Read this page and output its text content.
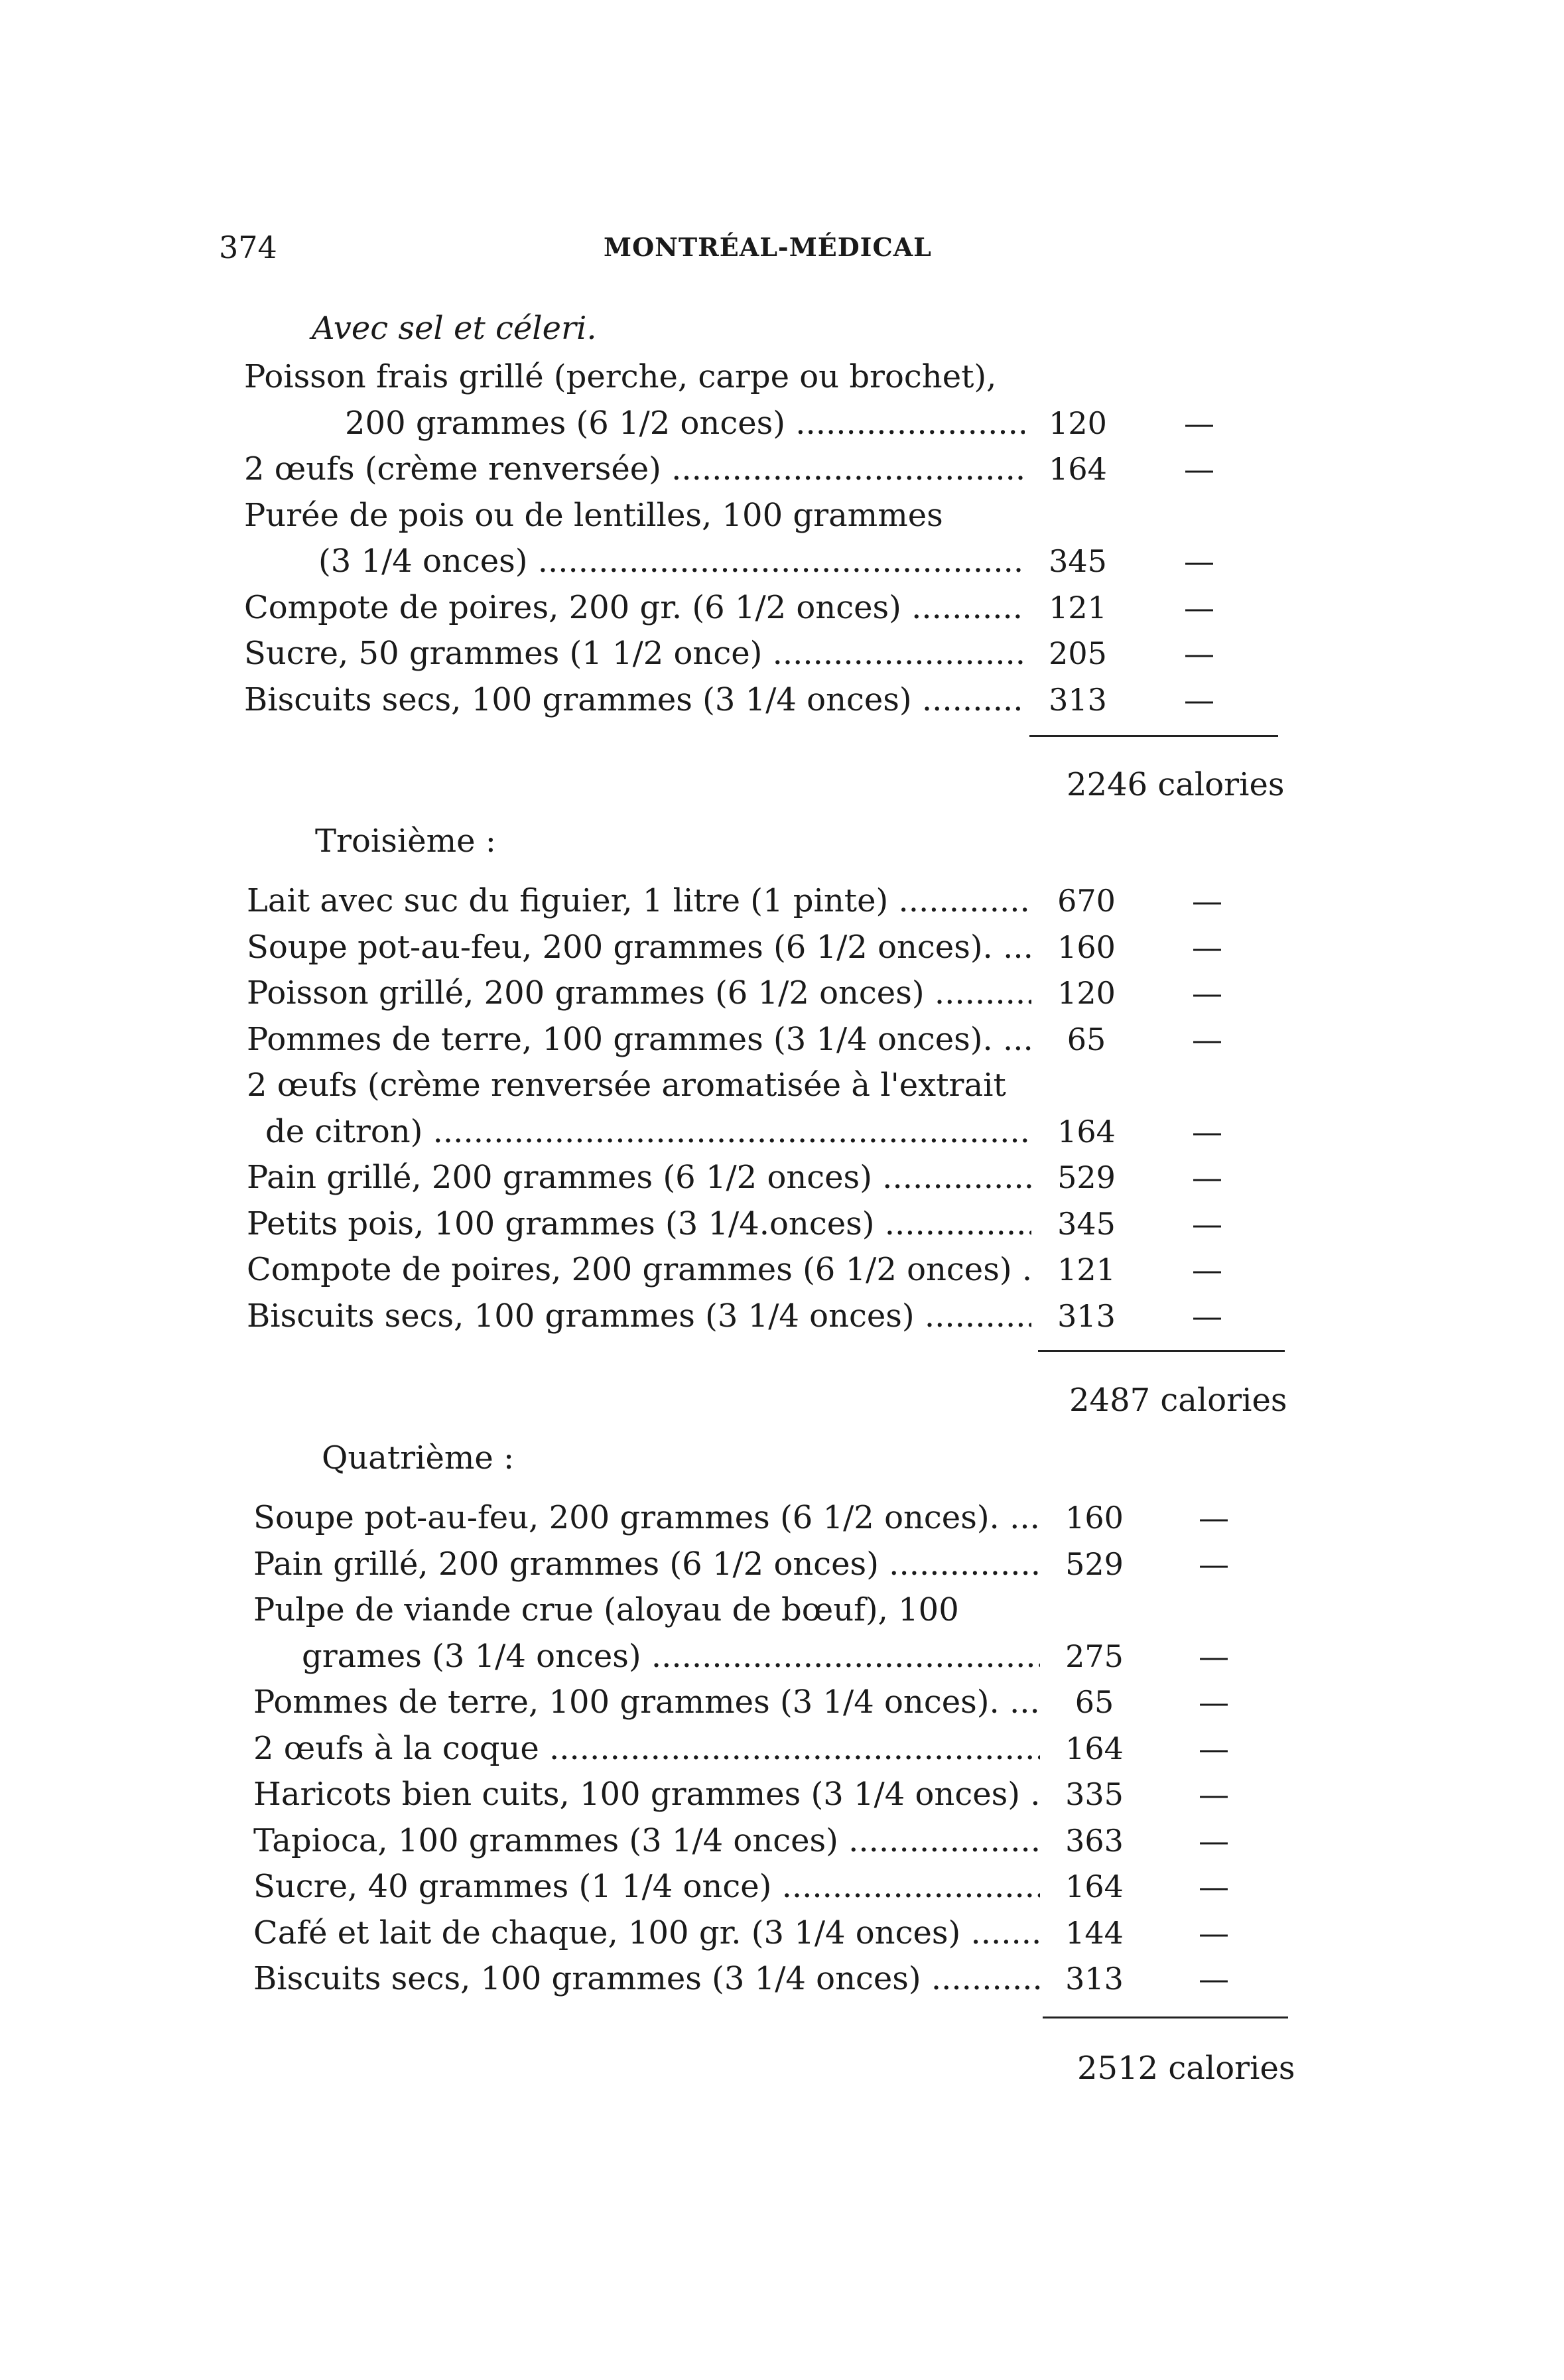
374	MONTRÉAL-MÉDICAL
Avec sel et céleri.
Poisson frais grillé (perche, carpe ou brochet),
200 grammes (6 1/2 onces) .....	120	—
2 œufs (crème renversée) .....	164	—
Purée de pois ou de lentilles, 100 grammes
(3 1/4 onces) .....	345	—
Compote de poires, 200 gr. (6 1/2 onces) .....	121	—
Sucre, 50 grammes (1 1/2 once) .....	205	—
Biscuits secs, 100 grammes (3 1/4 onces) .....	313	—
2246 calories
Troisième :
Lait avec suc du figuier, 1 litre (1 pinte) .....	670	—
Soupe pot-au-feu, 200 grammes (6 1/2 onces). .....	160	—
Poisson grillé, 200 grammes (6 1/2 onces) .....	120	—
Pommes de terre, 100 grammes (3 1/4 onces). .....	65	—
2 œufs (crème renversée aromatisée à l'extrait
de citron) .....	164	—
Pain grillé, 200 grammes (6 1/2 onces) .....	529	—
Petits pois, 100 grammes (3 1/4.onces) .....	345	—
Compote de poires, 200 grammes (6 1/2 onces) .....	121	—
Biscuits secs, 100 grammes (3 1/4 onces) .....	313	—
2487 calories
Quatrième :
Soupe pot-au-feu, 200 grammes (6 1/2 onces). .....	160	—
Pain grillé, 200 grammes (6 1/2 onces) .....	529	—
Pulpe de viande crue (aloyau de bœuf), 100
grames (3 1/4 onces) .....	275	—
Pommes de terre, 100 grammes (3 1/4 onces). .....	65	—
2 œufs à la coque .....	164	—
Haricots bien cuits, 100 grammes (3 1/4 onces) .....	335	—
Tapioca, 100 grammes (3 1/4 onces) .....	363	—
Sucre, 40 grammes (1 1/4 once) .....	164	—
Café et lait de chaque, 100 gr. (3 1/4 onces) .....	144	—
Biscuits secs, 100 grammes (3 1/4 onces) .....	313	—
2512 calories
